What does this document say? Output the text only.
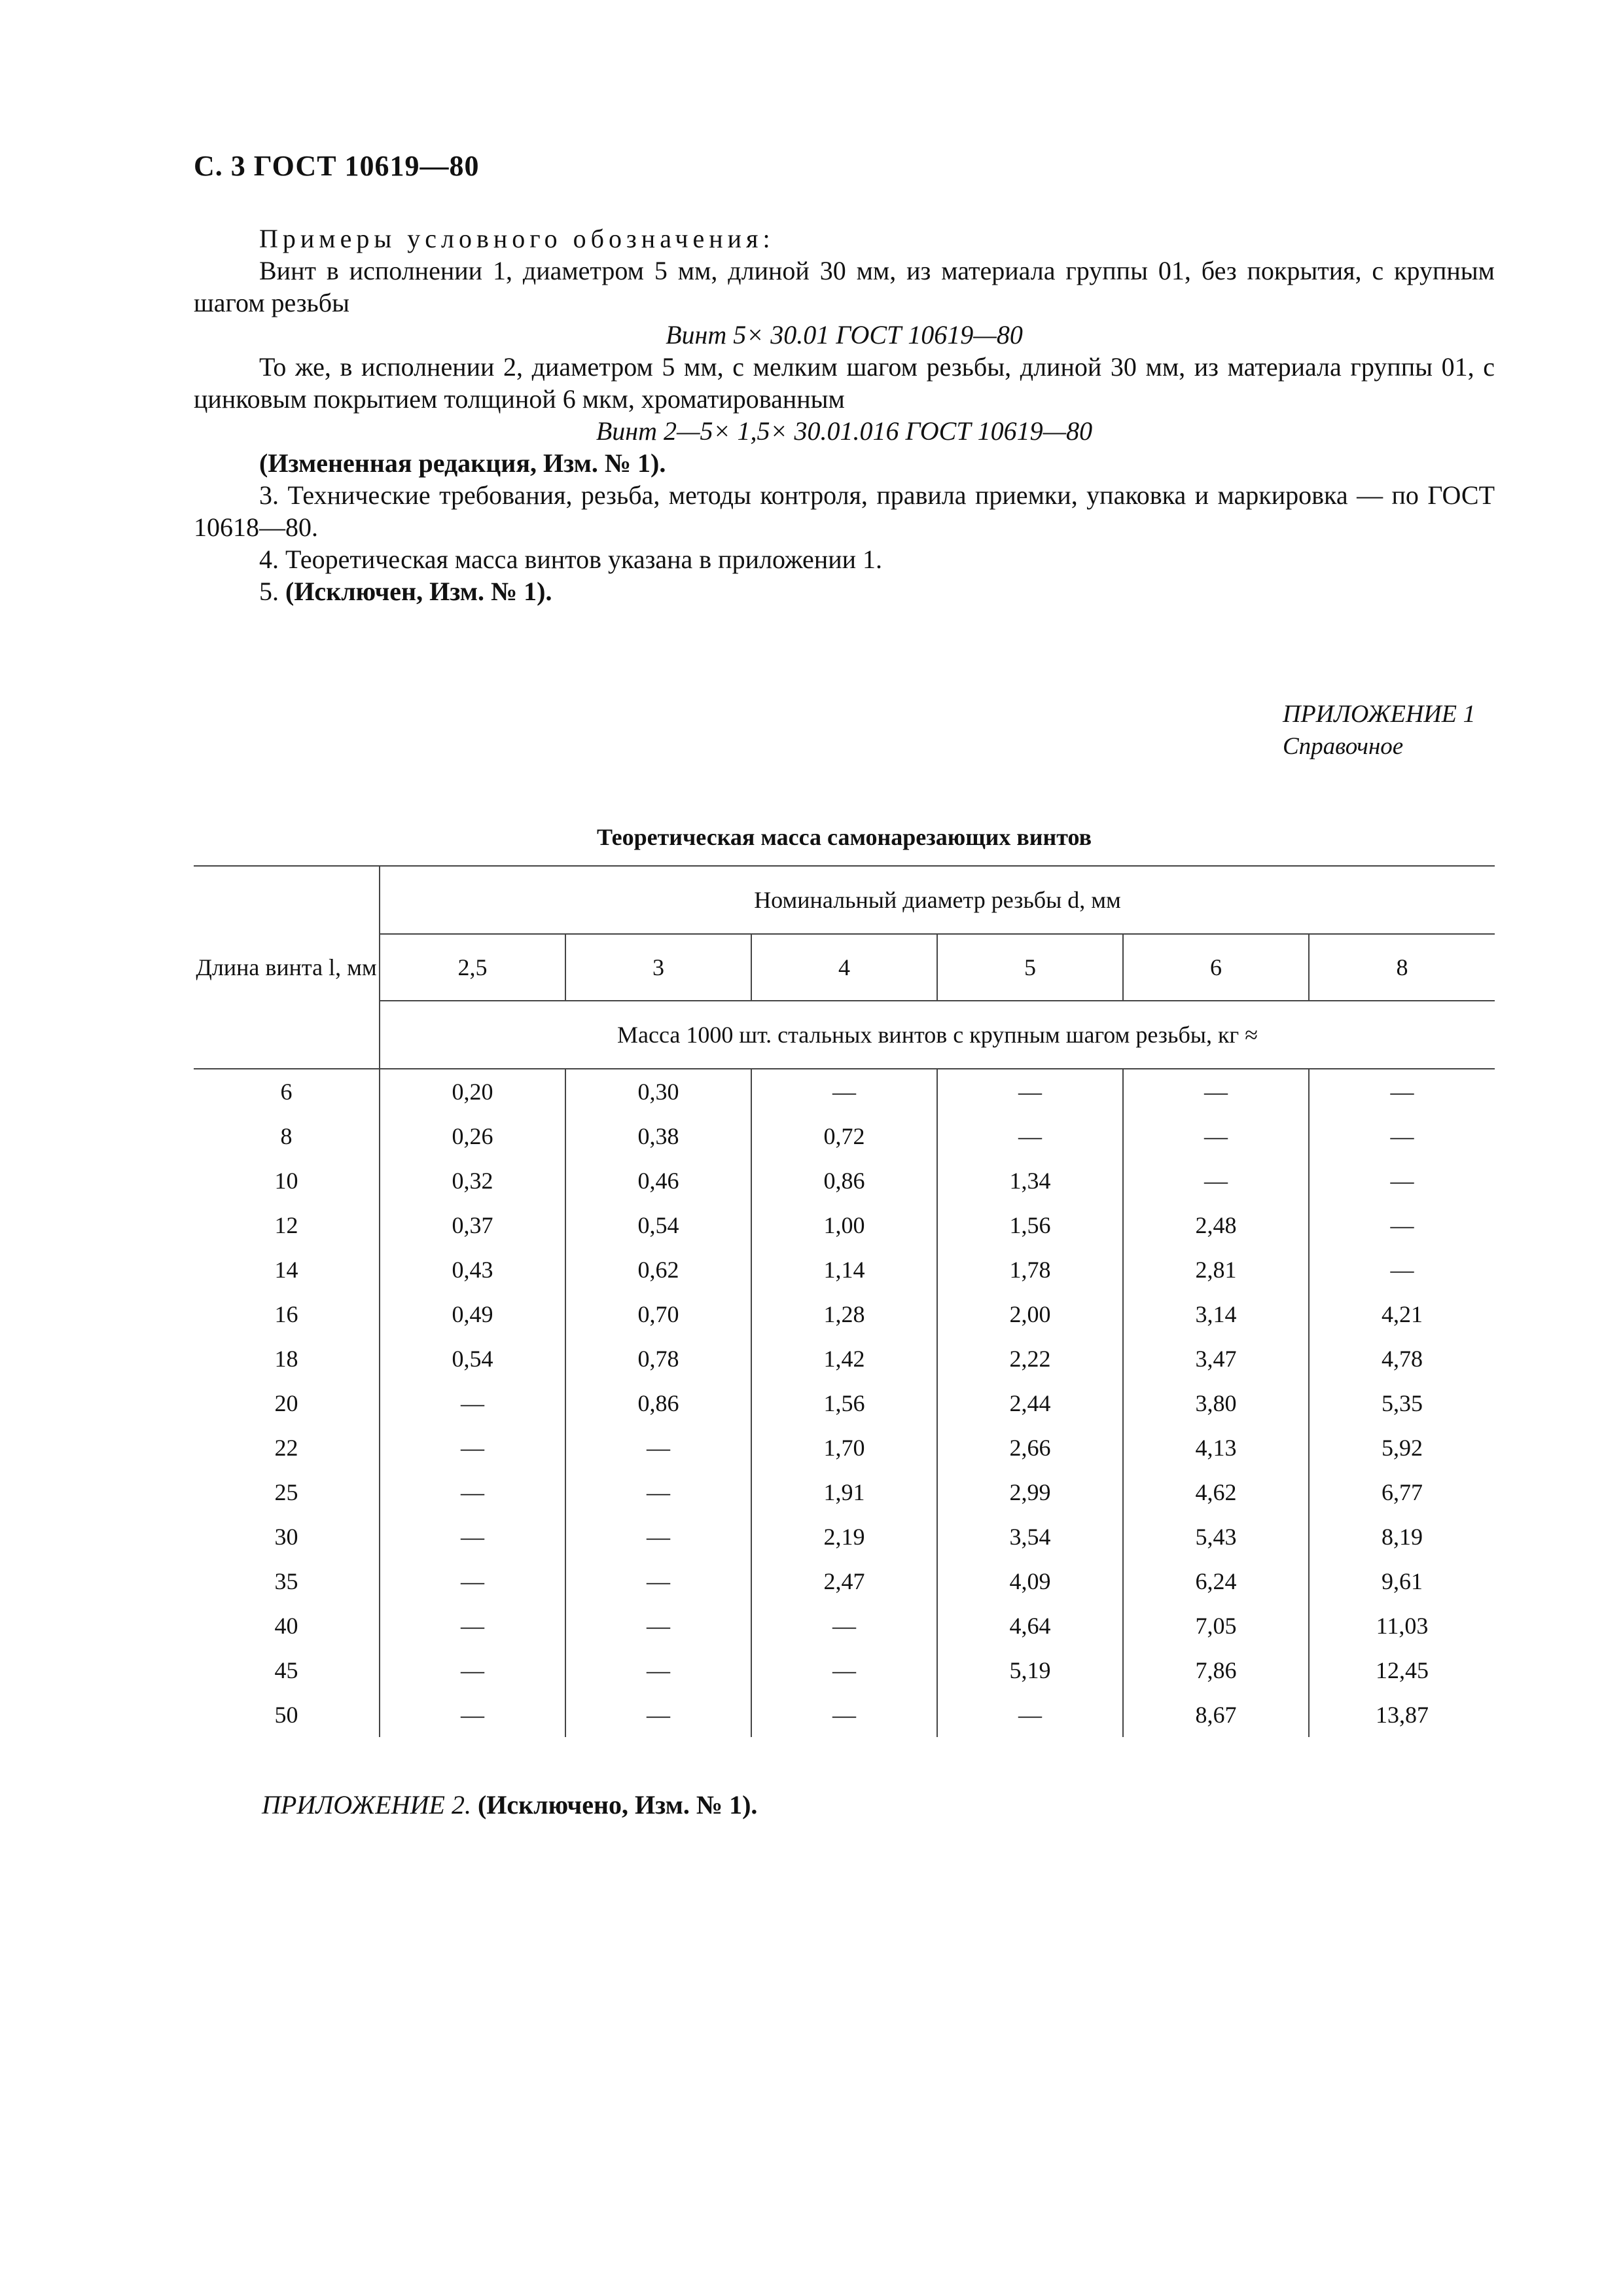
С. 3 ГОСТ 10619—80

Примеры условного обозначения:

Винт в исполнении 1, диаметром 5 мм, длиной 30 мм, из материала группы 01, без покрытия, с крупным шагом резьбы

Винт 5× 30.01 ГОСТ 10619—80

То же, в исполнении 2, диаметром 5 мм, с мелким шагом резьбы, длиной 30 мм, из материала группы 01, с цинковым покрытием толщиной 6 мкм, хроматированным

Винт 2—5× 1,5× 30.01.016 ГОСТ 10619—80

(Измененная редакция, Изм. № 1).

3. Технические требования, резьба, методы контроля, правила приемки, упаковка и маркировка — по ГОСТ 10618—80.

4. Теоретическая масса винтов указана в приложении 1.

5. (Исключен, Изм. № 1).

ПРИЛОЖЕНИЕ 1
Справочное
Теоретическая масса самонарезающих винтов
Длина винта l, мм	Номинальный диаметр резьбы d, мм					
	2,5	3	4	5	6	8
	Масса 1000 шт. стальных винтов с крупным шагом резьбы, кг ≈					
6	0,20	0,30	—	—	—	—
8	0,26	0,38	0,72	—	—	—
10	0,32	0,46	0,86	1,34	—	—
12	0,37	0,54	1,00	1,56	2,48	—
14	0,43	0,62	1,14	1,78	2,81	—
16	0,49	0,70	1,28	2,00	3,14	4,21
18	0,54	0,78	1,42	2,22	3,47	4,78
20	—	0,86	1,56	2,44	3,80	5,35
22	—	—	1,70	2,66	4,13	5,92
25	—	—	1,91	2,99	4,62	6,77
30	—	—	2,19	3,54	5,43	8,19
35	—	—	2,47	4,09	6,24	9,61
40	—	—	—	4,64	7,05	11,03
45	—	—	—	5,19	7,86	12,45
50	—	—	—	—	8,67	13,87
ПРИЛОЖЕНИЕ 2. (Исключено, Изм. № 1).
